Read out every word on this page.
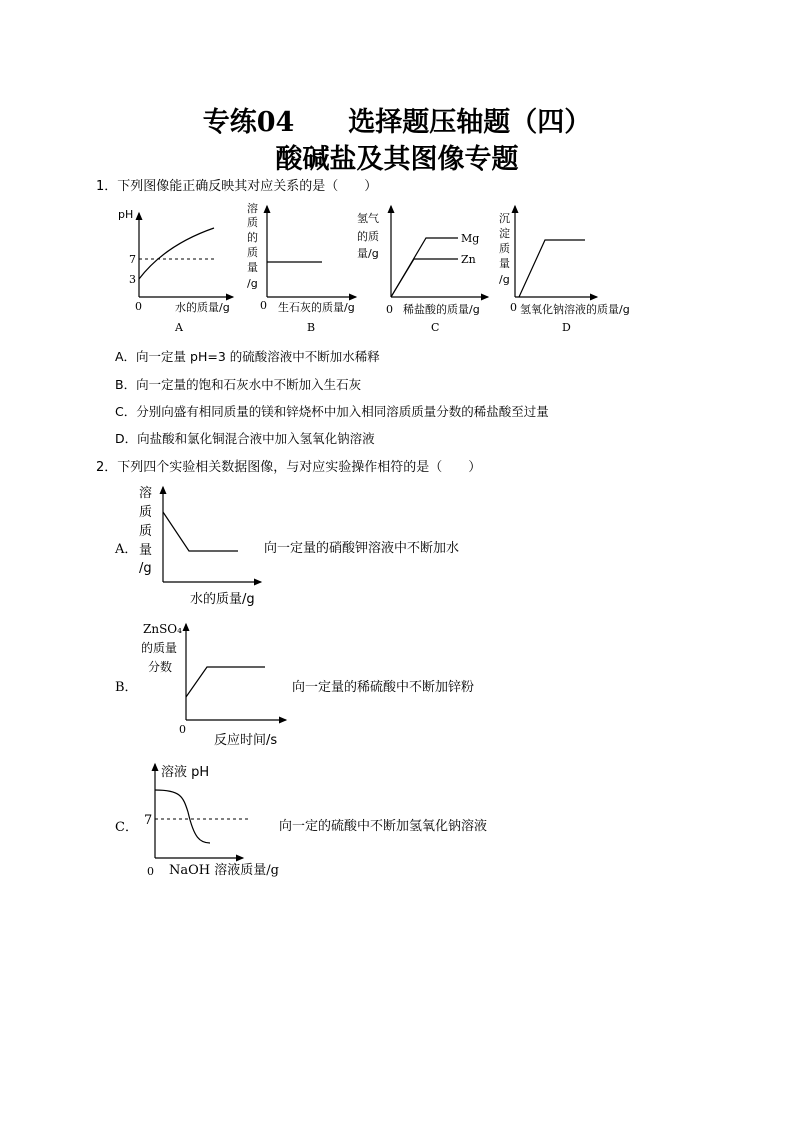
专练04　　选择题压轴题（四）
酸碱盐及其图像专题
1．下列图像能正确反映其对应关系的是（　　）
pH
7
3
0	水的质量/g
A
溶
质
的
质
量
/g
0 生石灰的质量/g
B
氢气
的质
量/g
Mg
Zn
0 稀盐酸的质量/g
C
沉
淀
质
量
/g
0 氢氧化钠溶液的质量/g
D
A．向一定量 pH=3 的硫酸溶液中不断加水稀释
B．向一定量的饱和石灰水中不断加入生石灰
C．分别向盛有相同质量的镁和锌烧杯中加入相同溶质质量分数的稀盐酸至过量
D．向盐酸和氯化铜混合液中加入氢氧化钠溶液
2．下列四个实验相关数据图像，与对应实验操作相符的是（　　）
溶
质
质
量
/g
水的质量/g
ZnSO₄
的质量
分数
0
反应时间/s
溶液 pH
7
0 NaOH 溶液质量/g
A．	向一定量的硝酸钾溶液中不断加水
B．	向一定量的稀硫酸中不断加锌粉
C．	向一定的硫酸中不断加氢氧化钠溶液
